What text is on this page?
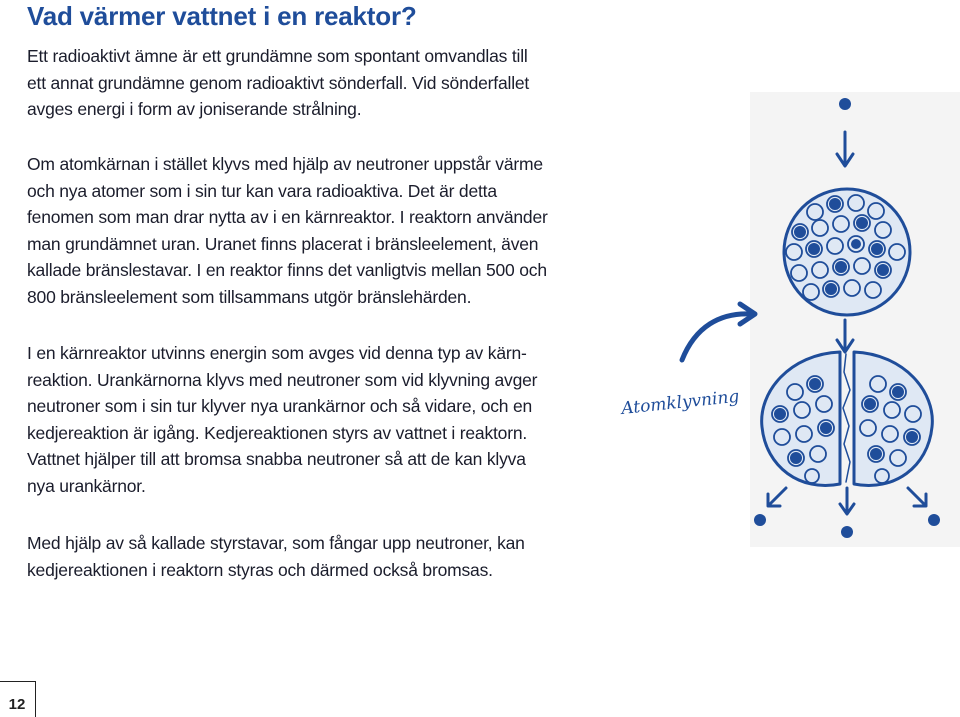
Vad värmer vattnet i en reaktor?

Ett radioaktivt ämne är ett grundämne som spontant omvandlas till
ett annat grundämne genom radioaktivt sönderfall. Vid sönderfallet
avges energi i form av joniserande strålning.

Om atomkärnan i stället klyvs med hjälp av neutroner uppstår värme
och nya atomer som i sin tur kan vara radioaktiva. Det är detta
fenomen som man drar nytta av i en kärnreaktor. I reaktorn använder
man grundämnet uran. Uranet finns placerat i bränsleelement, även
kallade bränslestavar. I en reaktor finns det vanligtvis mellan 500 och
800 bränsleelement som tillsammans utgör bränslehärden.

I en kärnreaktor utvinns energin som avges vid denna typ av kärn-
reaktion. Urankärnorna klyvs med neutroner som vid klyvning avger
neutroner som i sin tur klyver nya urankärnor och så vidare, och en
kedjereaktion är igång. Kedjereaktionen styrs av vattnet i reaktorn.
Vattnet hjälper till att bromsa snabba neutroner så att de kan klyva
nya urankärnor.

Med hjälp av så kallade styrstavar, som fångar upp neutroner, kan
kedjereaktionen i reaktorn styras och därmed också bromsas.

Atomklyvning
12
